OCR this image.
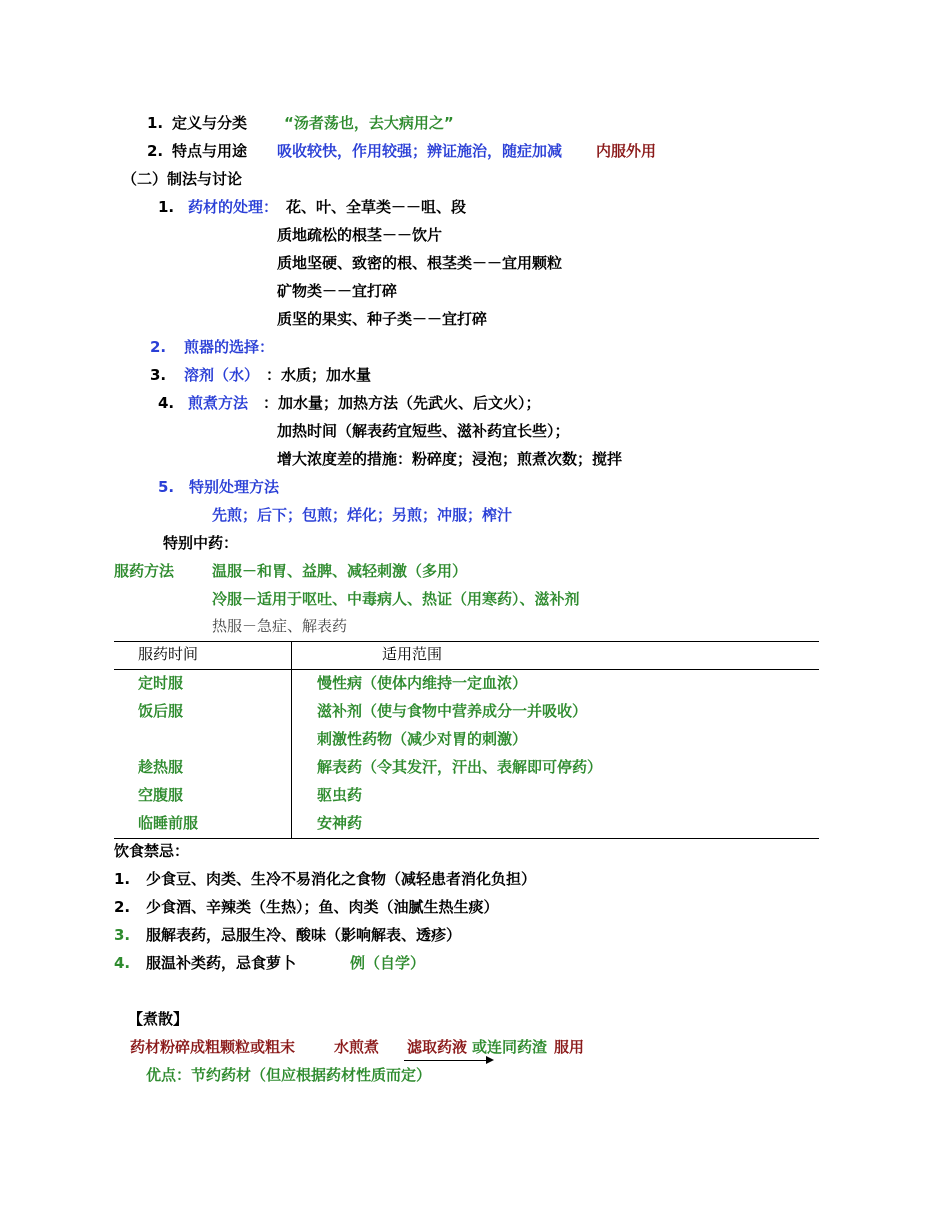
1. 定义与分类 “汤者荡也，去大病用之”
2. 特点与用途 吸收较快，作用较强；辨证施治，随症加减 内服外用
（二）制法与讨论
1. 药材的处理： 花、叶、全草类－－咀、段
质地疏松的根茎－－饮片
质地坚硬、致密的根、根茎类－－宜用颗粒
矿物类－－宜打碎
质坚的果实、种子类－－宜打碎
2. 煎器的选择：
3. 溶剂（水） ：水质；加水量
4. 煎煮方法 ：加水量；加热方法（先武火、后文火）；
加热时间（解表药宜短些、滋补药宜长些）；
增大浓度差的措施：粉碎度；浸泡；煎煮次数；搅拌
5. 特别处理方法
先煎；后下；包煎；烊化；另煎；冲服；榨汁
特别中药：
服药方法	温服－和胃、益脾、减轻刺激（多用）
冷服－适用于呕吐、中毒病人、热证（用寒药）、滋补剂
热服－急症、解表药
服药时间	适用范围
定时服	慢性病（使体内维持一定血浓）
饭后服	滋补剂（使与食物中营养成分一并吸收）
刺激性药物（减少对胃的刺激）
趁热服	解表药（令其发汗，汗出、表解即可停药）
空腹服	驱虫药
临睡前服	安神药
饮食禁忌：
1. 少食豆、肉类、生冷不易消化之食物（减轻患者消化负担）
2. 少食酒、辛辣类（生热）；鱼、肉类（油腻生热生痰）
3. 服解表药，忌服生冷、酸味（影响解表、透疹）
4. 服温补类药，忌食萝卜	例（自学）
【煮散】
药材粉碎成粗颗粒或粗末	水煎煮 滤取药液 或连同药渣 服用
优点：节约药材（但应根据药材性质而定）
